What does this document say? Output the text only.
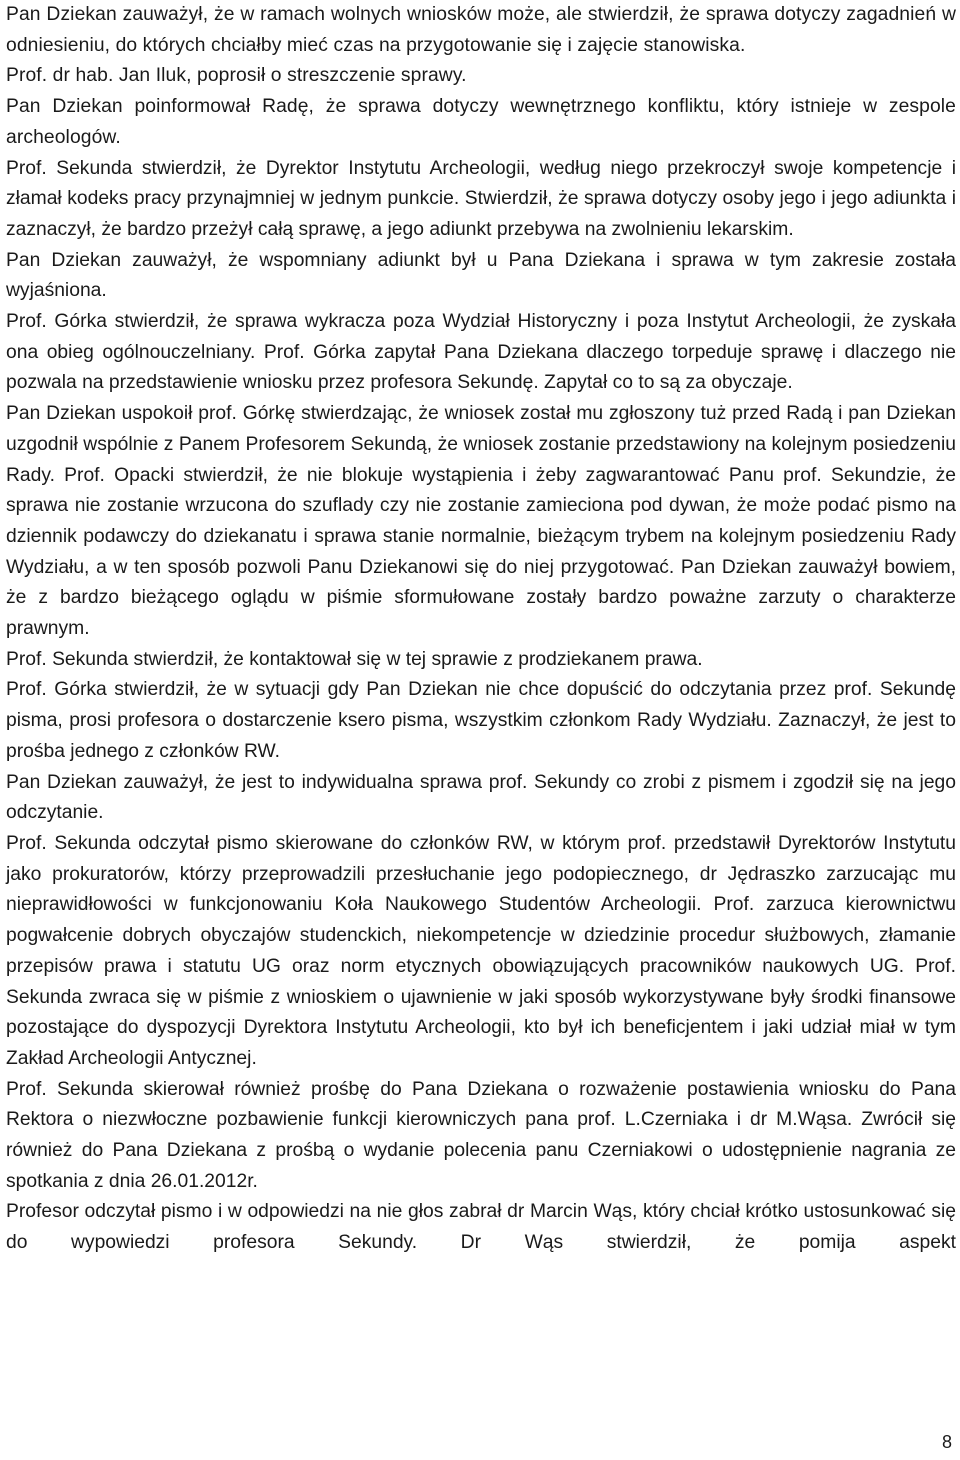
Pan Dziekan zauważył, że w ramach wolnych wniosków może, ale stwierdził, że sprawa dotyczy zagadnień w odniesieniu, do których chciałby mieć czas na przygotowanie się i zajęcie stanowiska.

Prof. dr hab. Jan Iluk, poprosił o streszczenie sprawy.

Pan Dziekan poinformował Radę, że sprawa dotyczy wewnętrznego konfliktu, który istnieje w zespole archeologów.

Prof. Sekunda stwierdził, że Dyrektor Instytutu Archeologii, według niego przekroczył swoje kompetencje i złamał kodeks pracy przynajmniej w jednym punkcie. Stwierdził, że sprawa dotyczy osoby jego i jego adiunkta i zaznaczył, że bardzo przeżył całą sprawę, a jego adiunkt przebywa na zwolnieniu lekarskim.

Pan Dziekan zauważył, że wspomniany adiunkt był u Pana Dziekana i sprawa w tym zakresie została wyjaśniona.

Prof. Górka stwierdził, że sprawa wykracza poza Wydział Historyczny i poza Instytut Archeologii, że zyskała ona obieg ogólnouczelniany. Prof. Górka zapytał Pana Dziekana dlaczego torpeduje sprawę i dlaczego nie pozwala na przedstawienie wniosku przez profesora Sekundę. Zapytał co to są za obyczaje.

Pan Dziekan uspokoił prof. Górkę stwierdzając, że wniosek został mu zgłoszony tuż przed Radą i pan Dziekan uzgodnił wspólnie z Panem Profesorem Sekundą, że wniosek zostanie przedstawiony na kolejnym posiedzeniu Rady. Prof. Opacki stwierdził, że nie blokuje wystąpienia i żeby zagwarantować Panu prof. Sekundzie, że sprawa nie zostanie wrzucona do szuflady czy nie zostanie zamieciona pod dywan, że może podać pismo na dziennik podawczy do dziekanatu i sprawa stanie normalnie, bieżącym trybem na kolejnym posiedzeniu Rady Wydziału, a w ten sposób pozwoli Panu Dziekanowi się do niej przygotować. Pan Dziekan zauważył bowiem, że z bardzo bieżącego oglądu w piśmie sformułowane zostały bardzo poważne zarzuty o charakterze prawnym.

Prof. Sekunda stwierdził, że kontaktował się w tej sprawie z prodziekanem prawa.

Prof. Górka stwierdził, że w sytuacji gdy Pan Dziekan nie chce dopuścić do odczytania przez prof. Sekundę pisma, prosi profesora o dostarczenie ksero pisma, wszystkim członkom Rady Wydziału. Zaznaczył, że jest to prośba jednego z członków RW.

Pan Dziekan zauważył, że jest to indywidualna sprawa prof. Sekundy co zrobi z pismem i zgodził się na jego odczytanie.

Prof. Sekunda odczytał pismo skierowane do członków RW, w którym prof. przedstawił Dyrektorów Instytutu jako prokuratorów, którzy przeprowadzili przesłuchanie jego podopiecznego, dr Jędraszko zarzucając mu nieprawidłowości w funkcjonowaniu Koła Naukowego Studentów Archeologii. Prof. zarzuca kierownictwu pogwałcenie dobrych obyczajów studenckich, niekompetencje w dziedzinie procedur służbowych, złamanie przepisów prawa i statutu UG oraz norm etycznych obowiązujących pracowników naukowych UG. Prof. Sekunda zwraca się w piśmie z wnioskiem o ujawnienie w jaki sposób wykorzystywane były środki finansowe pozostające do dyspozycji Dyrektora Instytutu Archeologii, kto był ich beneficjentem i jaki udział miał w tym Zakład Archeologii Antycznej.

Prof. Sekunda skierował również prośbę do Pana Dziekana o rozważenie postawienia wniosku do Pana Rektora o niezwłoczne pozbawienie funkcji kierowniczych pana prof. L.Czerniaka i dr M.Wąsa. Zwrócił się również do Pana Dziekana z prośbą o wydanie polecenia panu Czerniakowi o udostępnienie nagrania ze spotkania z dnia 26.01.2012r.

Profesor odczytał pismo i w odpowiedzi na nie głos zabrał dr Marcin Wąs, który chciał krótko ustosunkować się do wypowiedzi profesora Sekundy. Dr Wąs stwierdził, że pomija aspekt

8
